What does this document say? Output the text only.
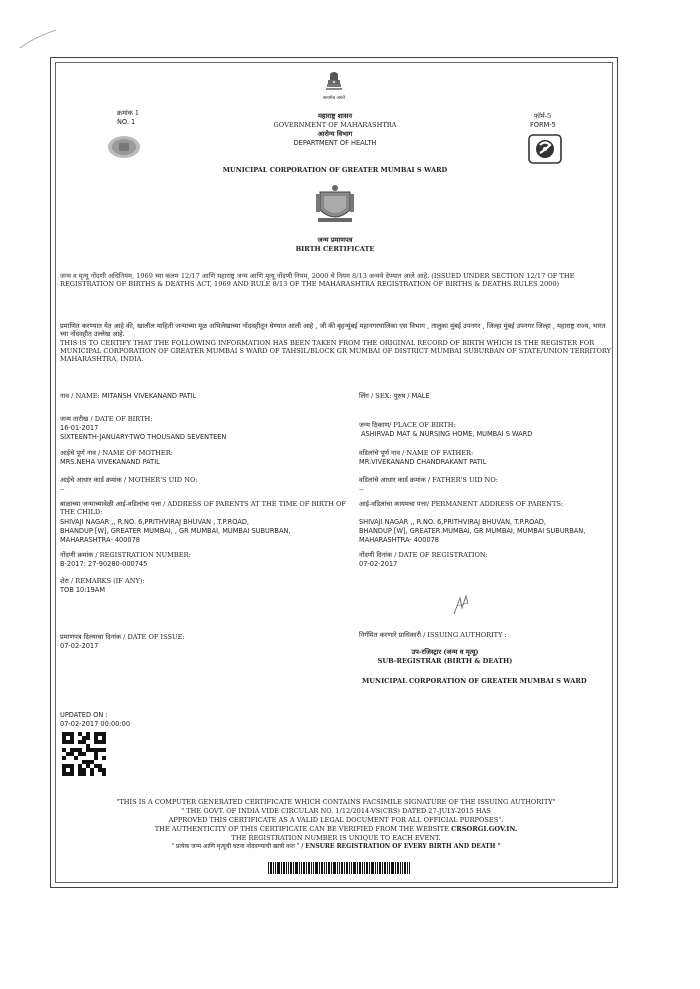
सत्यमेव जयते
क्रमांक 1
NO. 1
महाराष्ट्र शासन
GOVERNMENT OF MAHARASHTRA
आरोग्य विभाग
DEPARTMENT OF HEALTH
फॉर्म-5
FORM-5
MUNICIPAL CORPORATION OF GREATER MUMBAI S WARD
जन्म प्रमाणपत्र
BIRTH CERTIFICATE
जन्म व मृत्यू नोंदणी अधिनियम, 1969 च्या कलम 12/17 आणि महाराष्ट्र जन्म आणि मृत्यू नोंदणी नियम, 2000 चे नियम 8/13 अन्वये देण्यात आले आहे. (ISSUED UNDER SECTION 12/17 OF THE REGISTRATION OF BIRTHS & DEATHS ACT, 1969 AND RULE 8/13 OF THE MAHARASHTRA REGISTRATION OF BIRTHS & DEATHS RULES 2000)
प्रमाणित करण्यात येत आहे की, खालील माहिती जन्माच्या मूळ अभिलेखाच्या नोंदवहीतून घेण्यात आली आहे , जी की बृहन्मुंबई महानगरपालिका एस विभाग , तालुका मुंबई उपनगर , जिल्हा मुंबई उपनगर जिल्हा , महाराष्ट्र राज्य, भारत च्या नोंदवहीत उल्लेख आहे.
THIS IS TO CERTIFY THAT THE FOLLOWING INFORMATION HAS BEEN TAKEN FROM THE ORIGINAL RECORD OF BIRTH WHICH IS THE REGISTER FOR MUNICIPAL CORPORATION OF GREATER MUMBAI S WARD OF TAHSIL/BLOCK GR MUMBAI OF DISTRICT MUMBAI SUBURBAN OF STATE/UNION TERRITORY MAHARASHTRA, INDIA.
नाव / NAME: MITANSH VIVEKANAND PATIL	लिंग / SEX: पुरुष / MALE
जन्म तारीख / DATE OF BIRTH:
16-01-2017
SIXTEENTH-JANUARY-TWO THOUSAND SEVENTEEN
जन्म ठिकाण/ PLACE OF BIRTH:
ASHIRVAD MAT & NURSING HOME, MUMBAI S WARD
आईचे पूर्ण नाव / NAME OF MOTHER:
MRS.NEHA VIVEKANAND PATIL
वडिलांचे पूर्ण नाव / NAME OF FATHER:
MR.VIVEKANAND CHANDRAKANT PATIL
आईचे आधार कार्ड क्रमांक / MOTHER'S UID NO:
--
वडिलांचे आधार कार्ड क्रमांक / FATHER'S UID NO:
--
बाळाच्या जन्माच्यावेळी आई-वडिलांचा पत्ता / ADDRESS OF PARENTS AT THE TIME OF BIRTH OF THE CHILD:
SHIVAJI NAGAR ,, R.NO. 6,PRITHVIRAJ BHUVAN , T.P.ROAD,
BHANDUP [W], GREATER MUMBAI, , GR MUMBAI, MUMBAI SUBURBAN,
MAHARASHTRA- 400078
आई-वडिलांचा कायमचा पत्ता/ PERMANENT ADDRESS OF PARENTS:
SHIVAJI NAGAR ,, R.NO. 6,PRITHVIRAJ BHUVAN, T.P.ROAD,
BHANDUP [W], GREATER MUMBAI, GR MUMBAI, MUMBAI SUBURBAN,
MAHARASHTRA- 400078
नोंदणी क्रमांक / REGISTRATION NUMBER:
B-2017: 27-90280-000745
नोंदणी दिनांक / DATE OF REGISTRATION:
07-02-2017
शेरा / REMARKS (IF ANY):
TOB 10:19AM
प्रमाणपत्र दिल्याचा दिनांक / DATE OF ISSUE:
07-02-2017
निर्गमित करणारे प्राधिकारी / ISSUING AUTHORITY :
उप-रजिस्ट्रार (जन्म व मृत्यू)
SUB-REGISTRAR (BIRTH & DEATH)
MUNICIPAL CORPORATION OF GREATER MUMBAI S WARD
UPDATED ON :
07-02-2017 00:00:00
"THIS IS A COMPUTER GENERATED CERTIFICATE WHICH CONTAINS FACSIMILE SIGNATURE OF THE ISSUING AUTHORITY"
" THE GOVT. OF INDIA VIDE CIRCULAR NO. 1/12/2014-VS(CRS) DATED 27-JULY-2015 HAS
APPROVED THIS CERTIFICATE AS A VALID LEGAL DOCUMENT FOR ALL OFFICIAL PURPOSES".
THE AUTHENTICITY OF THIS CERTIFICATE CAN BE VERIFIED FROM THE WEBSITE CRSORGI.GOV.IN.
THE REGISTRATION NUMBER IS UNIQUE TO EACH EVENT.
" प्रत्येक जन्म आणि मृत्यूची घटना नोंदवण्याची खात्री करा " / ENSURE REGISTRATION OF EVERY BIRTH AND DEATH "
